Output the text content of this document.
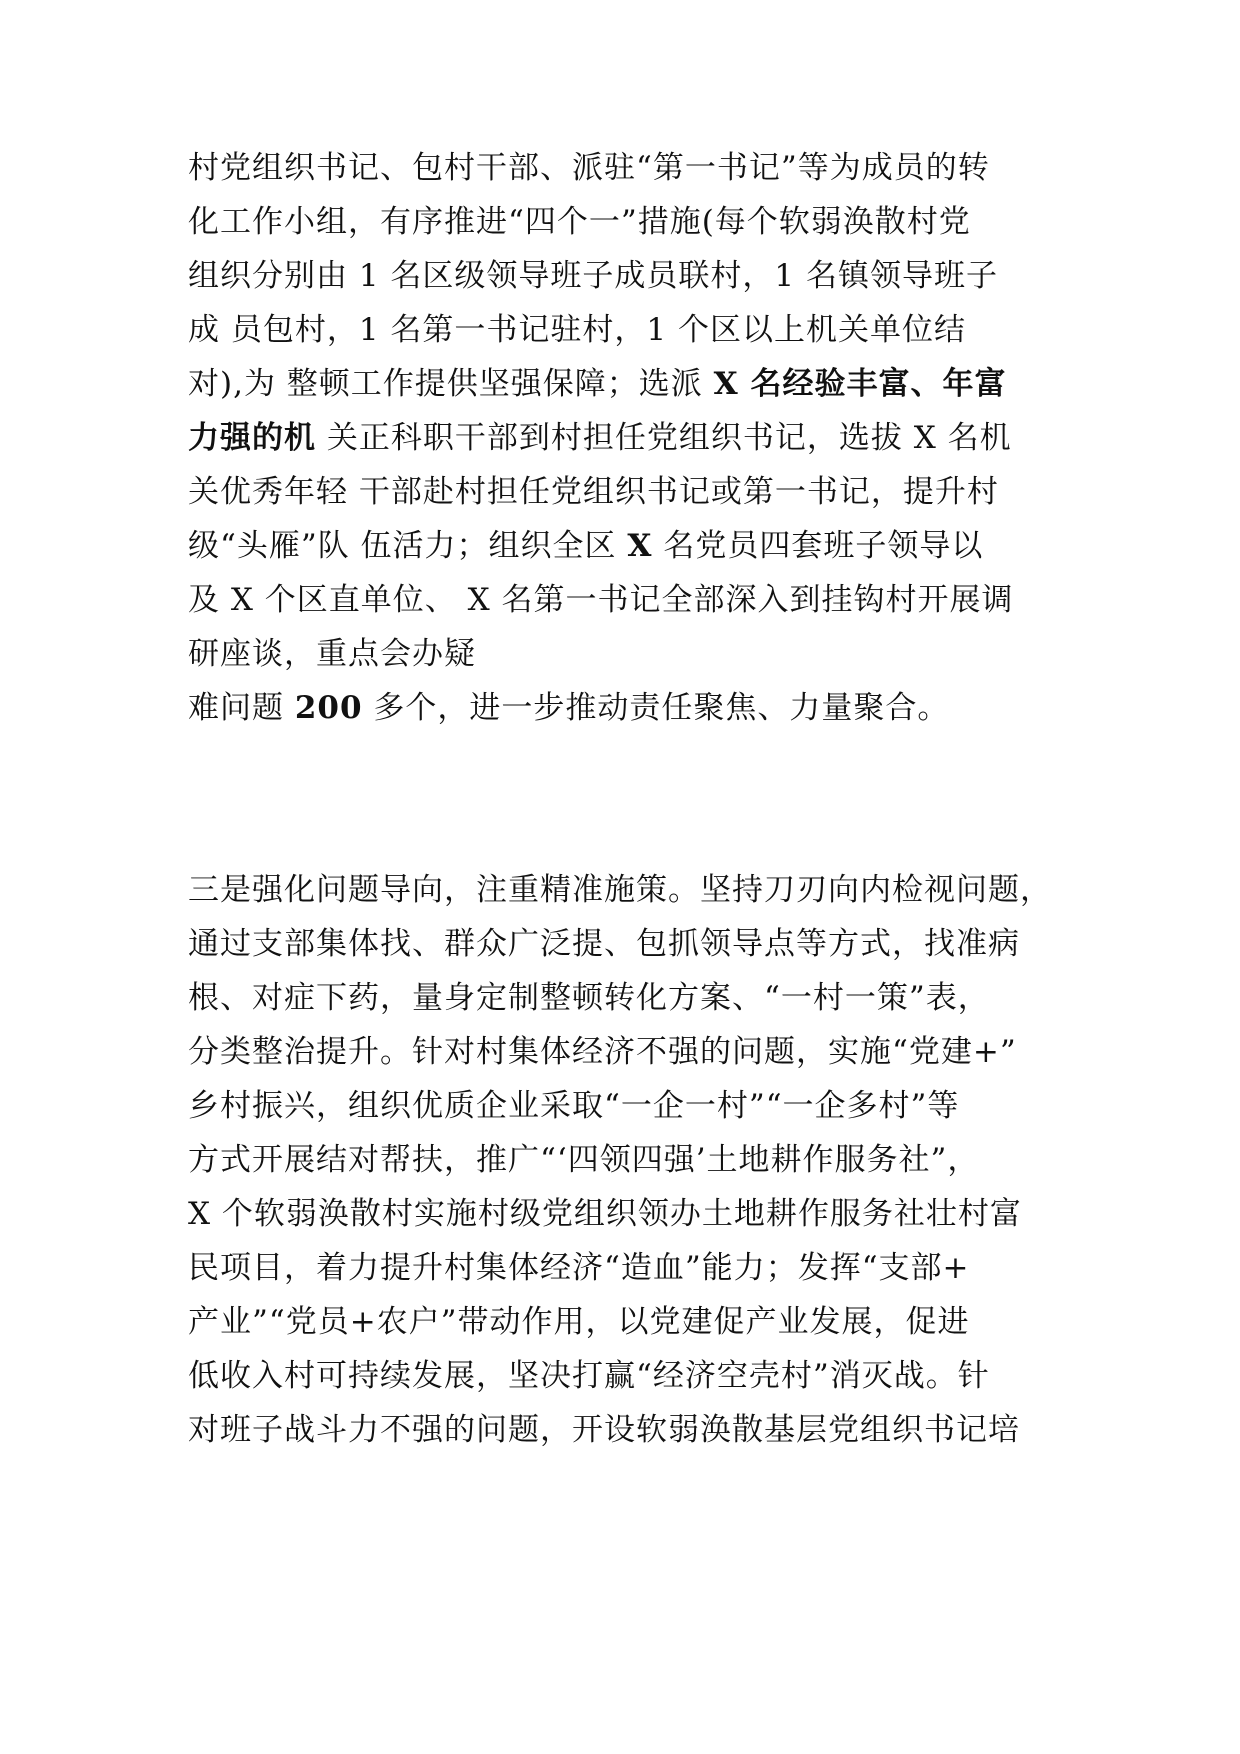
村党组织书记、包村干部、派驻“第一书记”等为成员的转
化工作小组，有序推进“四个一”措施(每个软弱涣散村党
组织分别由 1 名区级领导班子成员联村，1 名镇领导班子
成 员包村，1 名第一书记驻村，1 个区以上机关单位结
对),为 整顿工作提供坚强保障；选派 X 名经验丰富、年富
力强的机 关正科职干部到村担任党组织书记，选拔 X 名机
关优秀年轻 干部赴村担任党组织书记或第一书记，提升村
级“头雁”队 伍活力；组织全区 X 名党员四套班子领导以
及 X 个区直单位、 X 名第一书记全部深入到挂钩村开展调
研座谈，重点会办疑
难问题 200 多个，进一步推动责任聚焦、力量聚合。
三是强化问题导向，注重精准施策。坚持刀刃向内检视问题，
通过支部集体找、群众广泛提、包抓领导点等方式，找准病
根、对症下药，量身定制整顿转化方案、“一村一策”表，
分类整治提升。针对村集体经济不强的问题，实施“党建+”
乡村振兴，组织优质企业采取“一企一村”“一企多村”等
方式开展结对帮扶，推广“‘四领四强’土地耕作服务社”，
X 个软弱涣散村实施村级党组织领办土地耕作服务社壮村富
民项目，着力提升村集体经济“造血”能力；发挥“支部+
产业”“党员+农户”带动作用，以党建促产业发展，促进
低收入村可持续发展，坚决打赢“经济空壳村”消灭战。针
对班子战斗力不强的问题，开设软弱涣散基层党组织书记培
